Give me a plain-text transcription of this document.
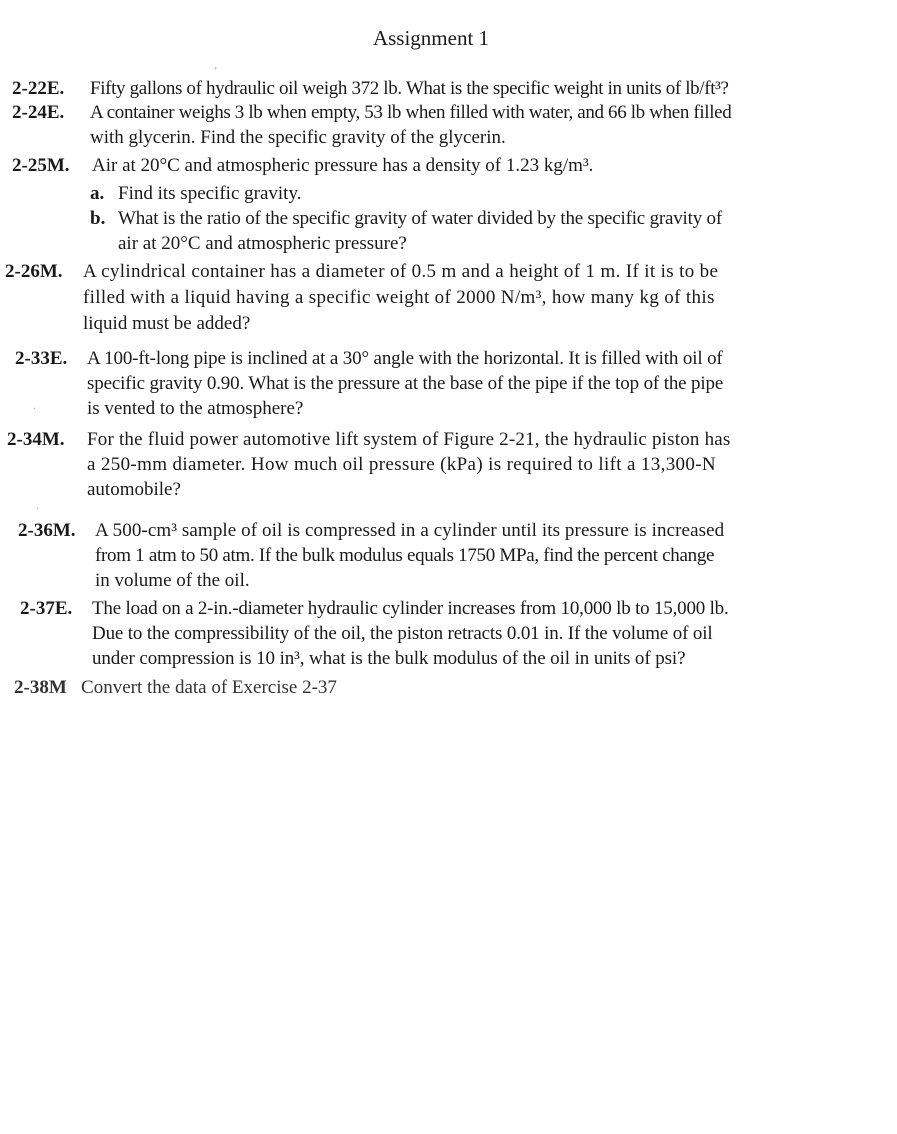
Assignment 1
2-22E. Fifty gallons of hydraulic oil weigh 372 lb. What is the specific weight in units of lb/ft³?
2-24E. A container weighs 3 lb when empty, 53 lb when filled with water, and 66 lb when filled
with glycerin. Find the specific gravity of the glycerin.
2-25M. Air at 20°C and atmospheric pressure has a density of 1.23 kg/m³.
a. Find its specific gravity.
b. What is the ratio of the specific gravity of water divided by the specific gravity of
air at 20°C and atmospheric pressure?
2-26M. A cylindrical container has a diameter of 0.5 m and a height of 1 m. If it is to be
filled with a liquid having a specific weight of 2000 N/m³, how many kg of this
liquid must be added?
2-33E. A 100-ft-long pipe is inclined at a 30° angle with the horizontal. It is filled with oil of
specific gravity 0.90. What is the pressure at the base of the pipe if the top of the pipe
is vented to the atmosphere?
2-34M. For the fluid power automotive lift system of Figure 2-21, the hydraulic piston has
a 250-mm diameter. How much oil pressure (kPa) is required to lift a 13,300-N
automobile?
2-36M. A 500-cm³ sample of oil is compressed in a cylinder until its pressure is increased
from 1 atm to 50 atm. If the bulk modulus equals 1750 MPa, find the percent change
in volume of the oil.
2-37E. The load on a 2-in.-diameter hydraulic cylinder increases from 10,000 lb to 15,000 lb.
Due to the compressibility of the oil, the piston retracts 0.01 in. If the volume of oil
under compression is 10 in³, what is the bulk modulus of the oil in units of psi?
2-38M Convert the data of Exercise 2-37
’
·
·
